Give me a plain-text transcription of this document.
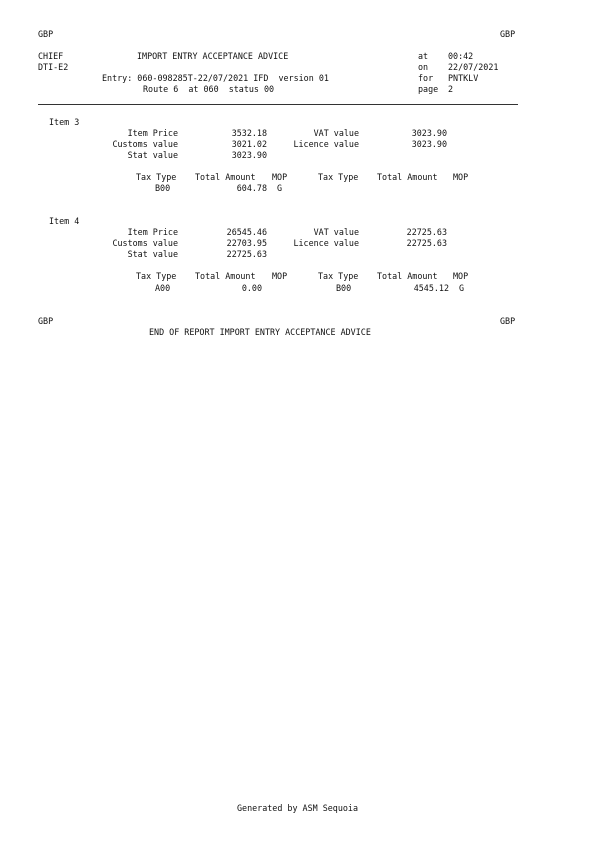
GBP	GBP
CHIEF
DTI-E2
IMPORT ENTRY ACCEPTANCE ADVICE	at 00:42
on 22/07/2021
for PNTKLV
page 2
Entry: 060-098285T-22/07/2021 IFD  version 01
Route 6  at 060  status 00
Item 3
Item Price	3532.18	VAT value	3023.90
Customs value	3021.02	Licence value	3023.90
Stat value	3023.90
Tax Type Total Amount MOP	Tax Type Total Amount MOP
B00	604.78 G
Item 4
Item Price	26545.46	VAT value	22725.63
Customs value	22703.95	Licence value	22725.63
Stat value	22725.63
Tax Type Total Amount MOP	Tax Type Total Amount MOP
A00	0.00	B00	4545.12 G
GBP	GBP
END OF REPORT IMPORT ENTRY ACCEPTANCE ADVICE
Generated by ASM Sequoia
